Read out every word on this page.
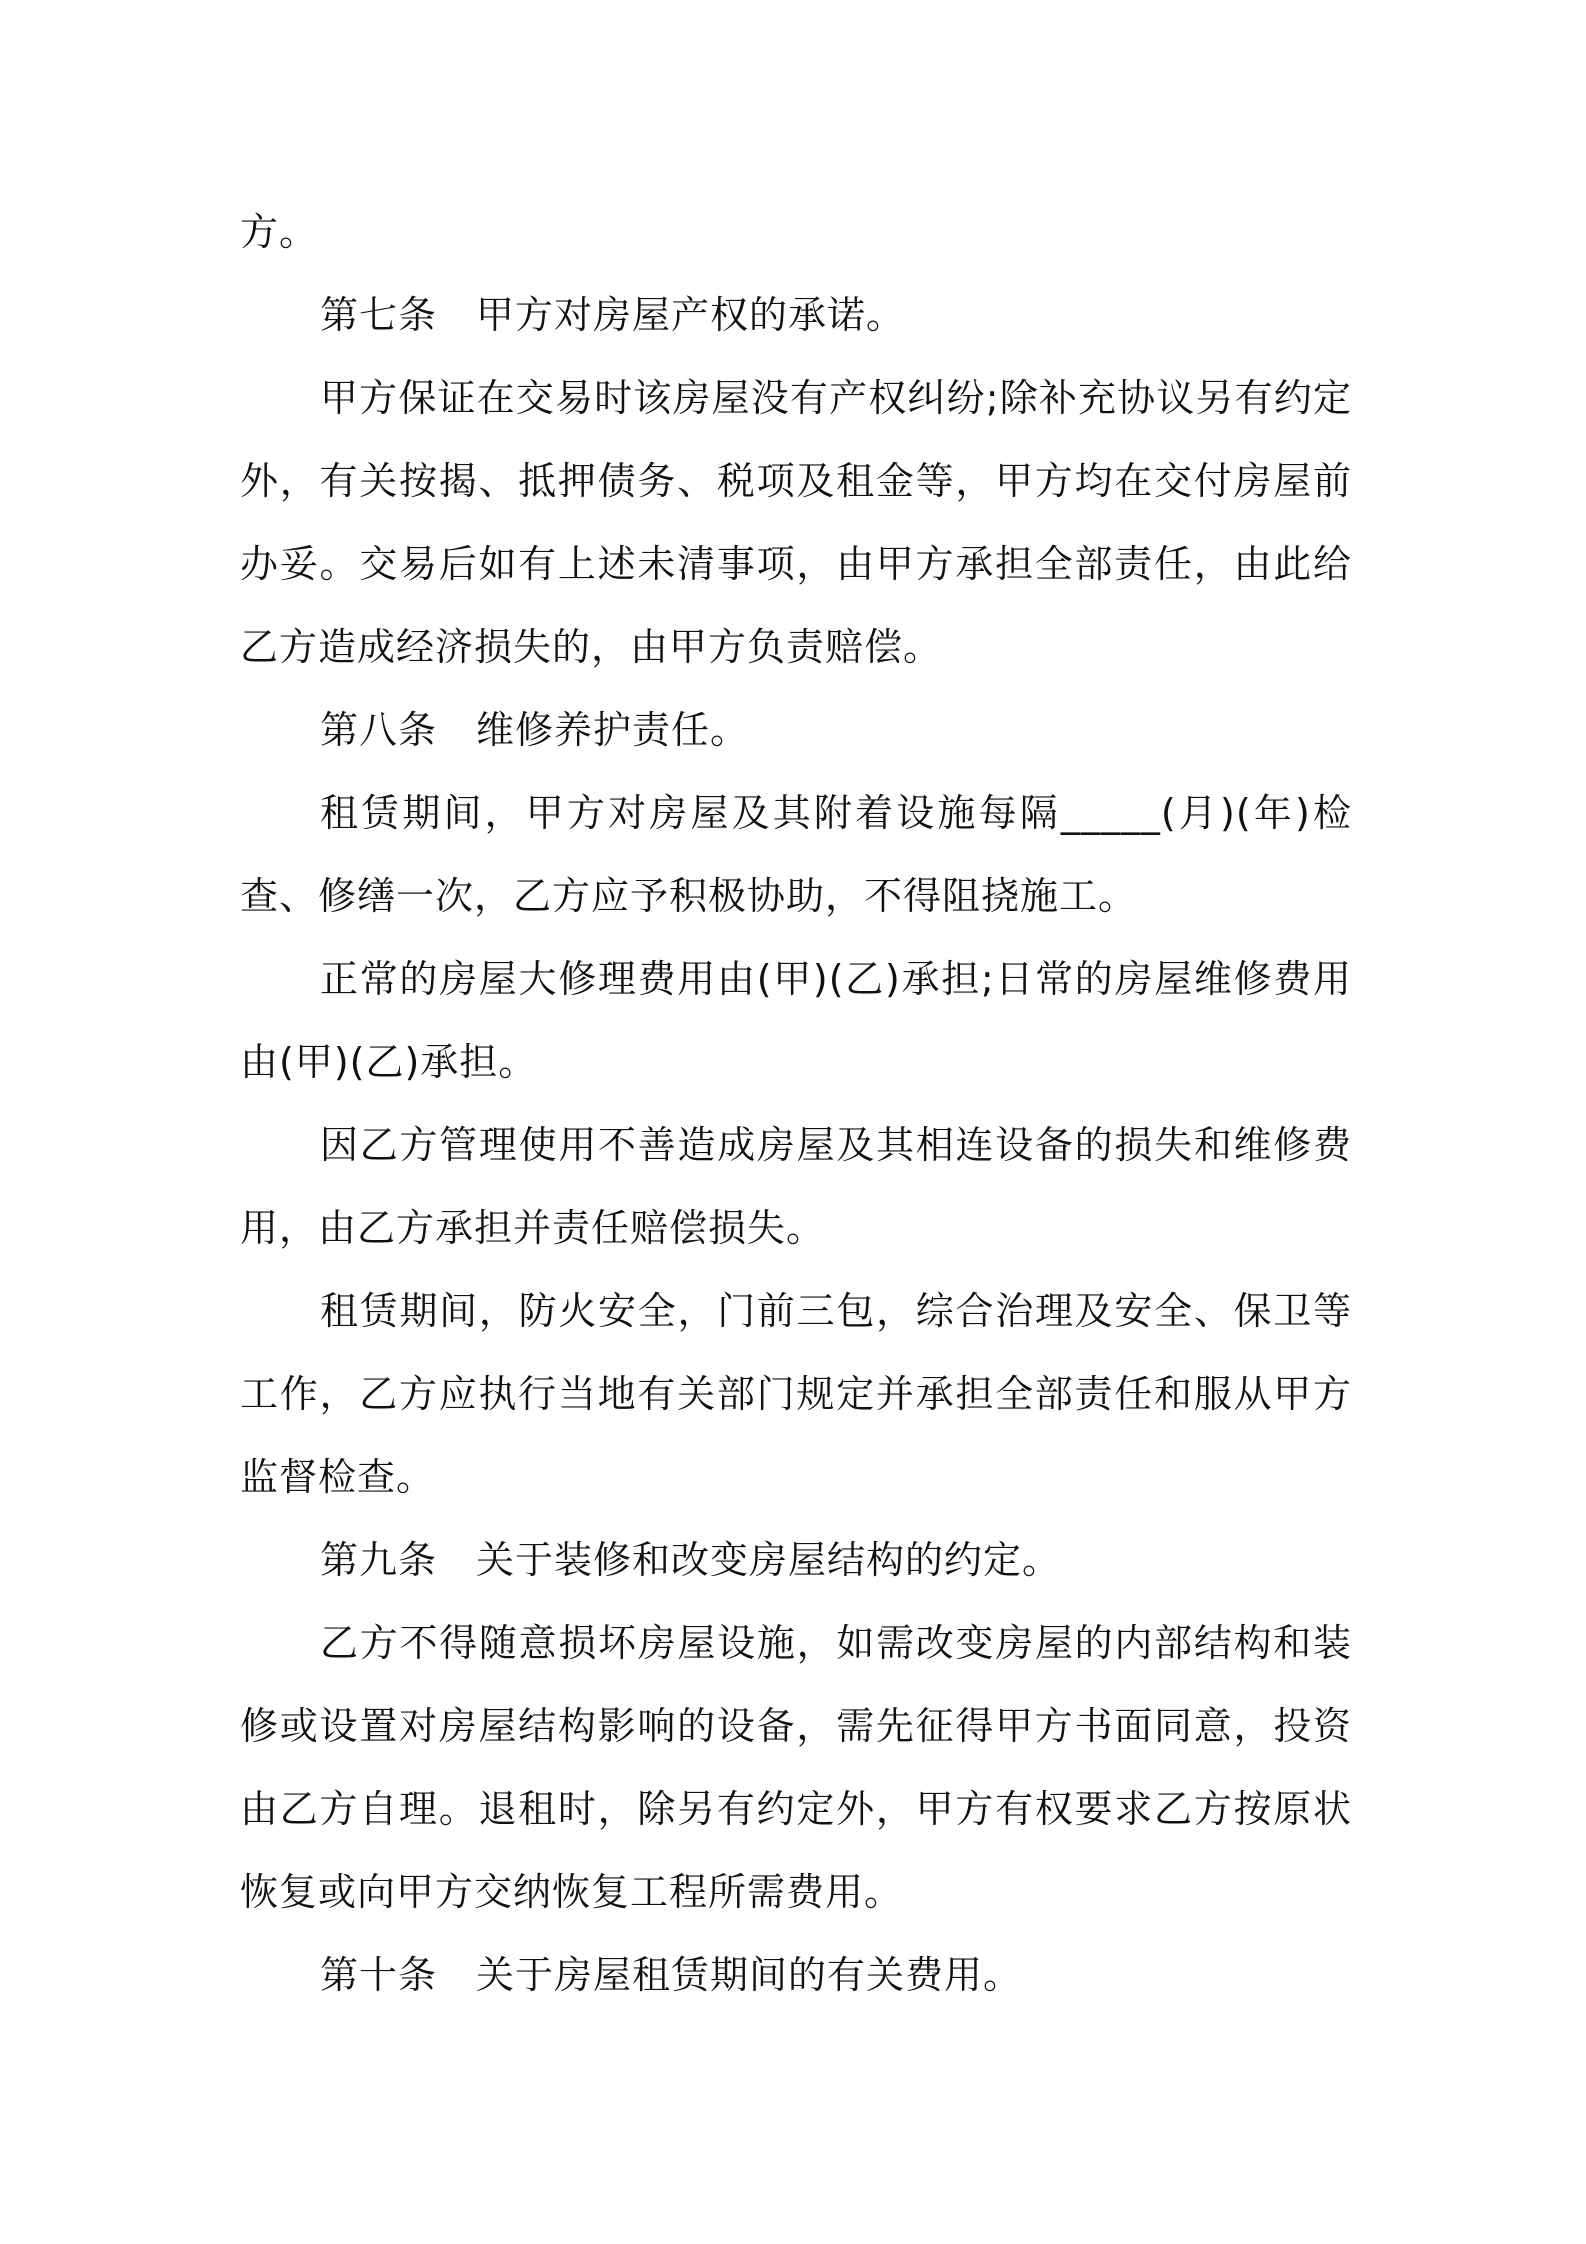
方。

第七条　甲方对房屋产权的承诺。

甲方保证在交易时该房屋没有产权纠纷;除补充协议另有约定外，有关按揭、抵押债务、税项及租金等，甲方均在交付房屋前办妥。交易后如有上述未清事项，由甲方承担全部责任，由此给乙方造成经济损失的，由甲方负责赔偿。

第八条　维修养护责任。

租赁期间，甲方对房屋及其附着设施每隔_____(月)(年)检查、修缮一次，乙方应予积极协助，不得阻挠施工。

正常的房屋大修理费用由(甲)(乙)承担;日常的房屋维修费用由(甲)(乙)承担。

因乙方管理使用不善造成房屋及其相连设备的损失和维修费用，由乙方承担并责任赔偿损失。

租赁期间，防火安全，门前三包，综合治理及安全、保卫等工作，乙方应执行当地有关部门规定并承担全部责任和服从甲方监督检查。

第九条　关于装修和改变房屋结构的约定。

乙方不得随意损坏房屋设施，如需改变房屋的内部结构和装修或设置对房屋结构影响的设备，需先征得甲方书面同意，投资由乙方自理。退租时，除另有约定外，甲方有权要求乙方按原状恢复或向甲方交纳恢复工程所需费用。

第十条　关于房屋租赁期间的有关费用。
